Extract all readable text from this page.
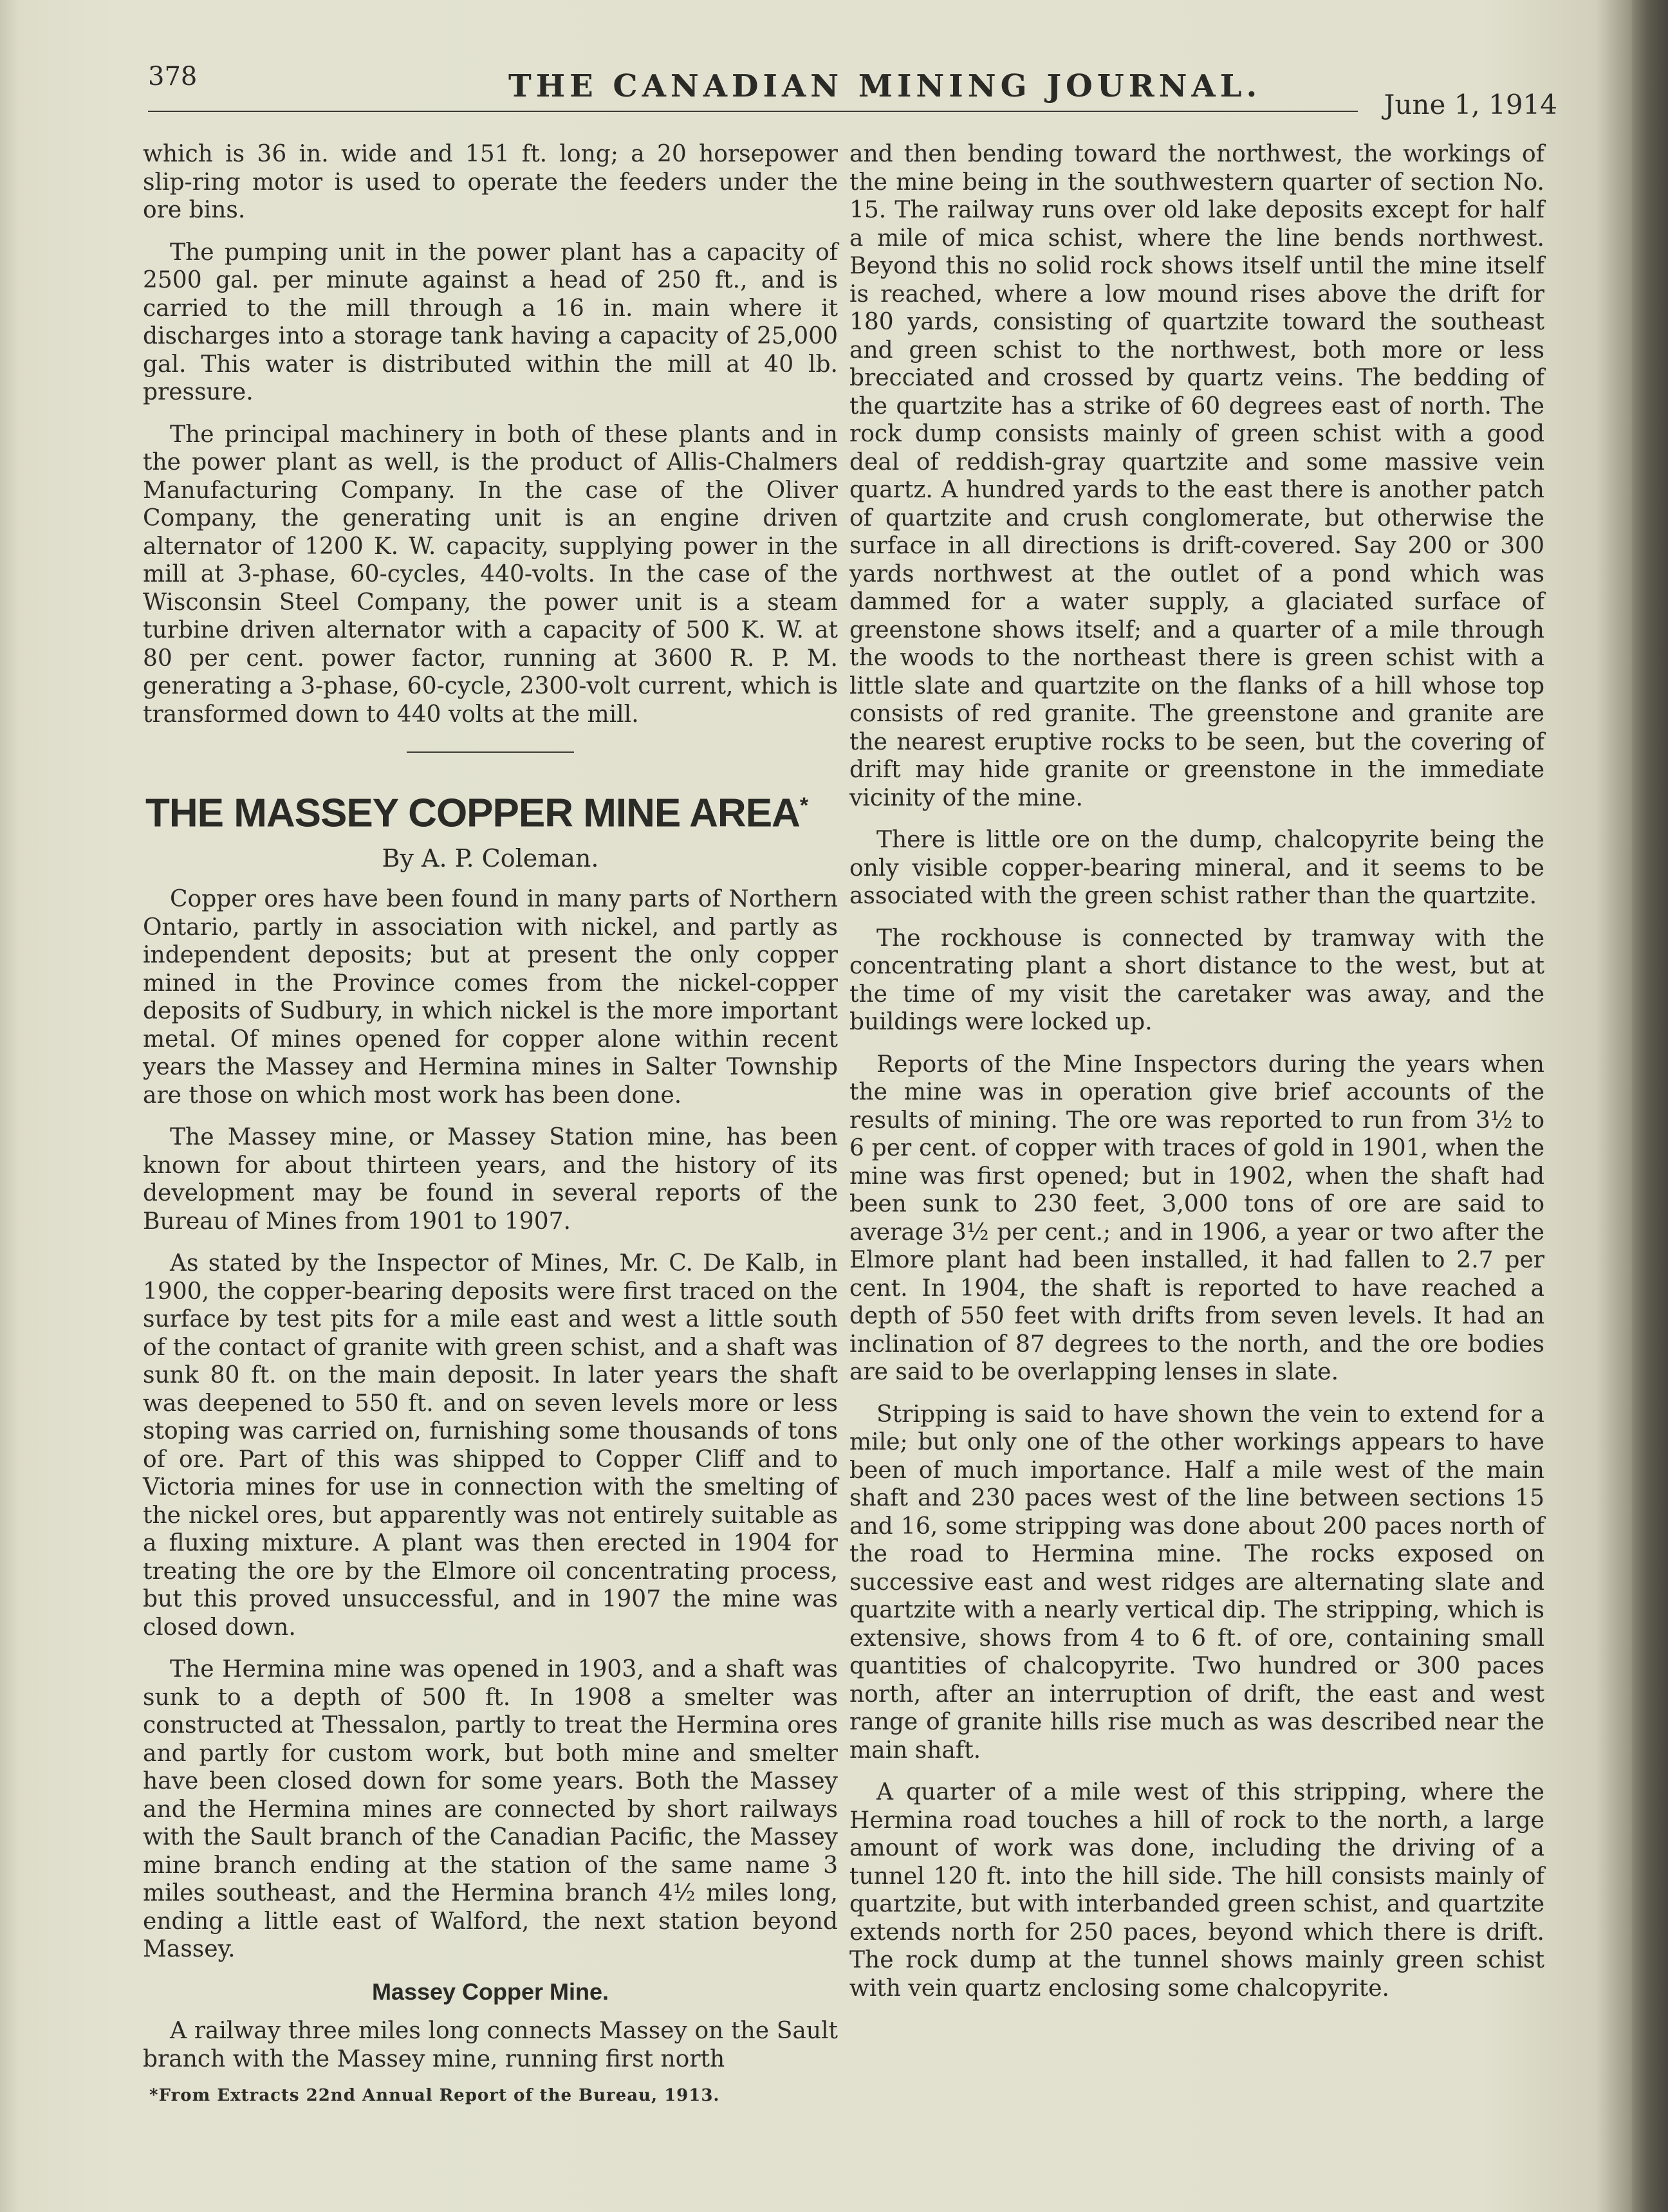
378	THE CANADIAN MINING JOURNAL.
June 1, 1914

which is 36 in. wide and 151 ft. long; a 20 horsepower slip-ring motor is used to operate the feeders under the ore bins.

The pumping unit in the power plant has a capacity of 2500 gal. per minute against a head of 250 ft., and is carried to the mill through a 16 in. main where it discharges into a storage tank having a capacity of 25,000 gal. This water is distributed within the mill at 40 lb. pressure.

The principal machinery in both of these plants and in the power plant as well, is the product of Allis-Chalmers Manufacturing Company. In the case of the Oliver Company, the generating unit is an engine driven alternator of 1200 K. W. capacity, supplying power in the mill at 3-phase, 60-cycles, 440-volts. In the case of the Wisconsin Steel Company, the power unit is a steam turbine driven alternator with a capacity of 500 K. W. at 80 per cent. power factor, running at 3600 R. P. M. generating a 3-phase, 60-cycle, 2300-volt current, which is transformed down to 440 volts at the mill.

THE MASSEY COPPER MINE AREA*
By A. P. Coleman.

Copper ores have been found in many parts of Northern Ontario, partly in association with nickel, and partly as independent deposits; but at present the only copper mined in the Province comes from the nickel-copper deposits of Sudbury, in which nickel is the more important metal. Of mines opened for copper alone within recent years the Massey and Hermina mines in Salter Township are those on which most work has been done.

The Massey mine, or Massey Station mine, has been known for about thirteen years, and the history of its development may be found in several reports of the Bureau of Mines from 1901 to 1907.

As stated by the Inspector of Mines, Mr. C. De Kalb, in 1900, the copper-bearing deposits were first traced on the surface by test pits for a mile east and west a little south of the contact of granite with green schist, and a shaft was sunk 80 ft. on the main deposit. In later years the shaft was deepened to 550 ft. and on seven levels more or less stoping was carried on, furnishing some thousands of tons of ore. Part of this was shipped to Copper Cliff and to Victoria mines for use in connection with the smelting of the nickel ores, but apparently was not entirely suitable as a fluxing mixture. A plant was then erected in 1904 for treating the ore by the Elmore oil concentrating process, but this proved unsuccessful, and in 1907 the mine was closed down.

The Hermina mine was opened in 1903, and a shaft was sunk to a depth of 500 ft. In 1908 a smelter was constructed at Thessalon, partly to treat the Hermina ores and partly for custom work, but both mine and smelter have been closed down for some years. Both the Massey and the Hermina mines are connected by short railways with the Sault branch of the Canadian Pacific, the Massey mine branch ending at the station of the same name 3 miles southeast, and the Hermina branch 4½ miles long, ending a little east of Walford, the next station beyond Massey.

Massey Copper Mine.

A railway three miles long connects Massey on the Sault branch with the Massey mine, running first north

*From Extracts 22nd Annual Report of the Bureau, 1913.

and then bending toward the northwest, the workings of the mine being in the southwestern quarter of section No. 15. The railway runs over old lake deposits except for half a mile of mica schist, where the line bends northwest. Beyond this no solid rock shows itself until the mine itself is reached, where a low mound rises above the drift for 180 yards, consisting of quartzite toward the southeast and green schist to the northwest, both more or less brecciated and crossed by quartz veins. The bedding of the quartzite has a strike of 60 degrees east of north. The rock dump consists mainly of green schist with a good deal of reddish-gray quartzite and some massive vein quartz. A hundred yards to the east there is another patch of quartzite and crush conglomerate, but otherwise the surface in all directions is drift-covered. Say 200 or 300 yards northwest at the outlet of a pond which was dammed for a water supply, a glaciated surface of greenstone shows itself; and a quarter of a mile through the woods to the northeast there is green schist with a little slate and quartzite on the flanks of a hill whose top consists of red granite. The greenstone and granite are the nearest eruptive rocks to be seen, but the covering of drift may hide granite or greenstone in the immediate vicinity of the mine.

There is little ore on the dump, chalcopyrite being the only visible copper-bearing mineral, and it seems to be associated with the green schist rather than the quartzite.

The rockhouse is connected by tramway with the concentrating plant a short distance to the west, but at the time of my visit the caretaker was away, and the buildings were locked up.

Reports of the Mine Inspectors during the years when the mine was in operation give brief accounts of the results of mining. The ore was reported to run from 3½ to 6 per cent. of copper with traces of gold in 1901, when the mine was first opened; but in 1902, when the shaft had been sunk to 230 feet, 3,000 tons of ore are said to average 3½ per cent.; and in 1906, a year or two after the Elmore plant had been installed, it had fallen to 2.7 per cent. In 1904, the shaft is reported to have reached a depth of 550 feet with drifts from seven levels. It had an inclination of 87 degrees to the north, and the ore bodies are said to be overlapping lenses in slate.

Stripping is said to have shown the vein to extend for a mile; but only one of the other workings appears to have been of much importance. Half a mile west of the main shaft and 230 paces west of the line between sections 15 and 16, some stripping was done about 200 paces north of the road to Hermina mine. The rocks exposed on successive east and west ridges are alternating slate and quartzite with a nearly vertical dip. The stripping, which is extensive, shows from 4 to 6 ft. of ore, containing small quantities of chalcopyrite. Two hundred or 300 paces north, after an interruption of drift, the east and west range of granite hills rise much as was described near the main shaft.

A quarter of a mile west of this stripping, where the Hermina road touches a hill of rock to the north, a large amount of work was done, including the driving of a tunnel 120 ft. into the hill side. The hill consists mainly of quartzite, but with interbanded green schist, and quartzite extends north for 250 paces, beyond which there is drift. The rock dump at the tunnel shows mainly green schist with vein quartz enclosing some chalcopyrite.
